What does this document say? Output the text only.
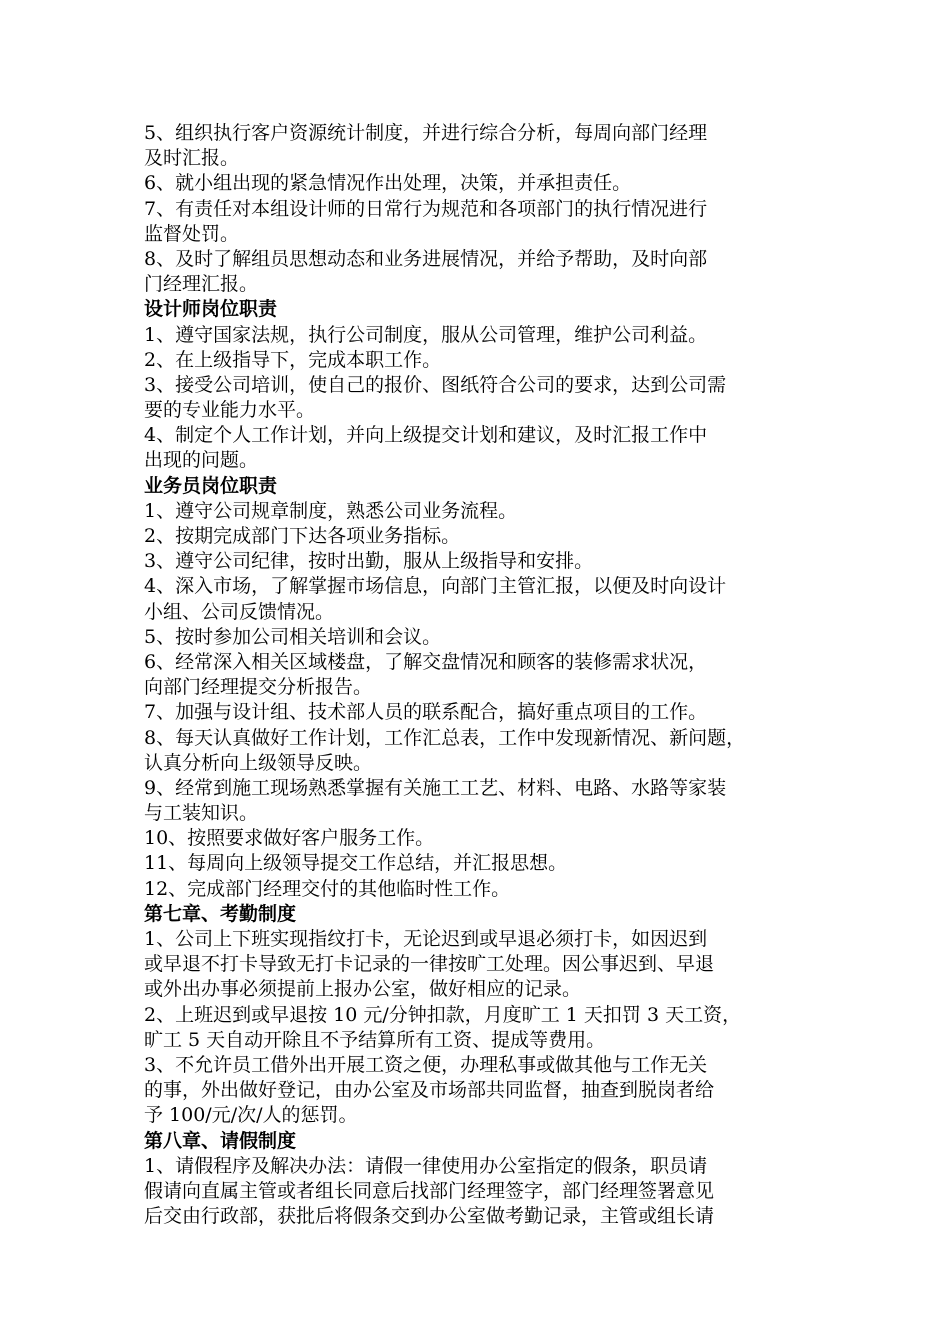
5、组织执行客户资源统计制度，并进行综合分析，每周向部门经理
及时汇报。
6、就小组出现的紧急情况作出处理，决策，并承担责任。
7、有责任对本组设计师的日常行为规范和各项部门的执行情况进行
监督处罚。
8、及时了解组员思想动态和业务进展情况，并给予帮助，及时向部
门经理汇报。
设计师岗位职责
1、遵守国家法规，执行公司制度，服从公司管理，维护公司利益。
2、在上级指导下，完成本职工作。
3、接受公司培训，使自己的报价、图纸符合公司的要求，达到公司需
要的专业能力水平。
4、制定个人工作计划，并向上级提交计划和建议，及时汇报工作中
出现的问题。
业务员岗位职责
1、遵守公司规章制度，熟悉公司业务流程。
2、按期完成部门下达各项业务指标。
3、遵守公司纪律，按时出勤，服从上级指导和安排。
4、深入市场，了解掌握市场信息，向部门主管汇报，以便及时向设计
小组、公司反馈情况。
5、按时参加公司相关培训和会议。
6、经常深入相关区域楼盘，了解交盘情况和顾客的装修需求状况，
向部门经理提交分析报告。
7、加强与设计组、技术部人员的联系配合，搞好重点项目的工作。
8、每天认真做好工作计划，工作汇总表，工作中发现新情况、新问题，
认真分析向上级领导反映。
9、经常到施工现场熟悉掌握有关施工工艺、材料、电路、水路等家装
与工装知识。
10、按照要求做好客户服务工作。
11、每周向上级领导提交工作总结，并汇报思想。
12、完成部门经理交付的其他临时性工作。
第七章、考勤制度
1、公司上下班实现指纹打卡，无论迟到或早退必须打卡，如因迟到
或早退不打卡导致无打卡记录的一律按旷工处理。因公事迟到、早退
或外出办事必须提前上报办公室，做好相应的记录。
2、上班迟到或早退按 10 元/分钟扣款，月度旷工 1 天扣罚 3 天工资，
旷工 5 天自动开除且不予结算所有工资、提成等费用。
3、不允许员工借外出开展工资之便，办理私事或做其他与工作无关
的事，外出做好登记，由办公室及市场部共同监督，抽查到脱岗者给
予 100/元/次/人的惩罚。
第八章、请假制度
1、请假程序及解决办法：请假一律使用办公室指定的假条，职员请
假请向直属主管或者组长同意后找部门经理签字，部门经理签署意见
后交由行政部，获批后将假条交到办公室做考勤记录，主管或组长请
